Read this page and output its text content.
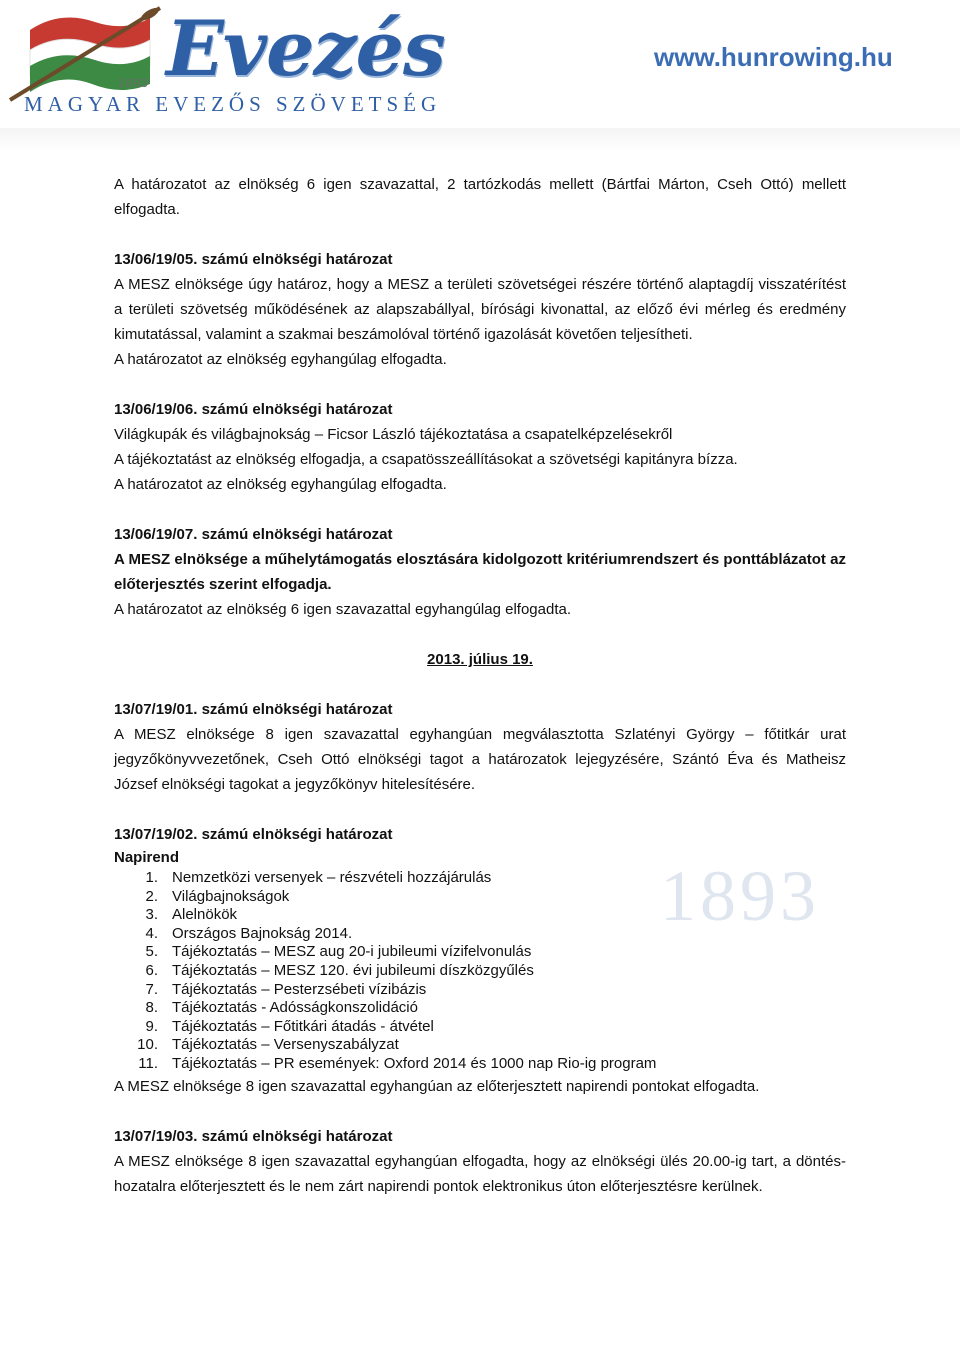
Evezés
1893
MAGYAR EVEZŐS SZÖVETSÉG
www.hunrowing.hu
1893

A határozatot az elnökség 6 igen szavazattal, 2 tartózkodás mellett (Bártfai Márton, Cseh Ottó) mellett elfogadta.

13/06/19/05. számú elnökségi határozat

A MESZ elnöksége úgy határoz, hogy a MESZ a területi szövetségei részére történő alaptagdíj visszatérítést a területi szövetség működésének az alapszabállyal, bírósági kivonattal, az előző évi mérleg és eredmény kimutatással, valamint a szakmai beszámolóval történő igazolását követően teljesítheti.

A határozatot az elnökség egyhangúlag elfogadta.

13/06/19/06. számú elnökségi határozat

Világkupák és világbajnokság – Ficsor László tájékoztatása a csapatelképzelésekről

A tájékoztatást az elnökség elfogadja, a csapatösszeállításokat a szövetségi kapitányra bízza.

A határozatot az elnökség egyhangúlag elfogadta.

13/06/19/07. számú elnökségi határozat

A MESZ elnöksége a műhelytámogatás elosztására kidolgozott kritériumrendszert és ponttáblázatot az előterjesztés szerint elfogadja.

A határozatot az elnökség 6 igen szavazattal egyhangúlag elfogadta.

2013. július 19.

13/07/19/01. számú elnökségi határozat

A MESZ elnöksége 8 igen szavazattal egyhangúan megválasztotta Szlatényi György – főtitkár urat jegyzőkönyvvezetőnek, Cseh Ottó elnökségi tagot a határozatok lejegyzésére, Szántó Éva és Matheisz József elnökségi tagokat a jegyzőkönyv hitelesítésére.

13/07/19/02. számú elnökségi határozat

Napirend

1. Nemzetközi versenyek – részvételi hozzájárulás
2. Világbajnokságok
3. Alelnökök
4. Országos Bajnokság 2014.
5. Tájékoztatás – MESZ aug 20-i jubileumi vízifelvonulás
6. Tájékoztatás – MESZ 120. évi jubileumi díszközgyűlés
7. Tájékoztatás – Pesterzsébeti vízibázis
8. Tájékoztatás - Adósságkonszolidáció
9. Tájékoztatás – Főtitkári átadás - átvétel
10. Tájékoztatás – Versenyszabályzat
11. Tájékoztatás – PR események: Oxford 2014 és 1000 nap Rio-ig program

A MESZ elnöksége 8 igen szavazattal egyhangúan az előterjesztett napirendi pontokat elfogadta.

13/07/19/03. számú elnökségi határozat

A MESZ elnöksége 8 igen szavazattal egyhangúan elfogadta, hogy az elnökségi ülés 20.00-ig tart, a döntés-hozatalra előterjesztett és le nem zárt napirendi pontok elektronikus úton előterjesztésre kerülnek.
